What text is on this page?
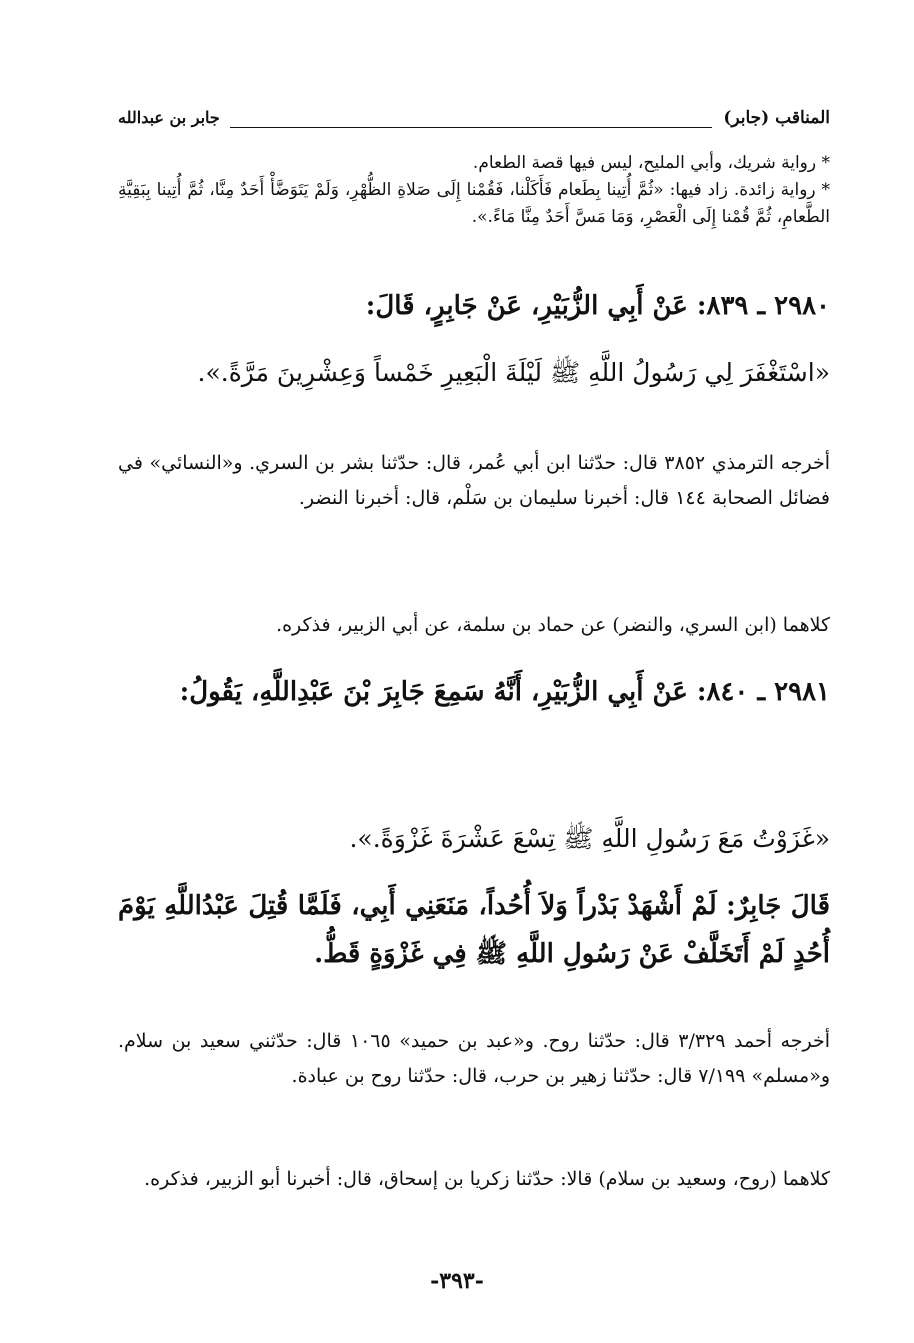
المناقب (جابر)
جابر بن عبدالله
* رواية شريك، وأبي المليح، ليس فيها قصة الطعام.
* رواية زائدة. زاد فيها: «ثُمَّ أُتِينا بِطَعام فَأَكَلْنا، فَقُمْنا إِلَى صَلاةِ الظُّهْرِ، وَلَمْ يَتَوَضَّأْ أَحَدٌ مِنَّا، ثُمَّ أُتِينا بِبَقِيَّةِ الطَّعامِ، ثُمَّ قُمْنا إِلَى الْعَصْرِ، وَمَا مَسَّ أَحَدٌ مِنَّا مَاءً.».
٢٩٨٠ ـ ٨٣٩: عَنْ أَبِي الزُّبَيْرِ، عَنْ جَابِرٍ، قَالَ:
«اسْتَغْفَرَ لِي رَسُولُ اللَّهِ ﷺ لَيْلَةَ الْبَعِيرِ خَمْساً وَعِشْرِينَ مَرَّةً.».
أخرجه الترمذي ٣٨٥٢ قال: حدّثنا ابن أبي عُمر، قال: حدّثنا بشر بن السري. و«النسائي» في فضائل الصحابة ١٤٤ قال: أخبرنا سليمان بن سَلْم، قال: أخبرنا النضر.
كلاهما (ابن السري، والنضر) عن حماد بن سلمة، عن أبي الزبير، فذكره.
٢٩٨١ ـ ٨٤٠: عَنْ أَبِي الزُّبَيْرِ، أَنَّهُ سَمِعَ جَابِرَ بْنَ عَبْدِاللَّهِ، يَقُولُ:
«غَزَوْتُ مَعَ رَسُولِ اللَّهِ ﷺ تِسْعَ عَشْرَةَ غَزْوَةً.».
قَالَ جَابِرٌ: لَمْ أَشْهَدْ بَدْراً وَلاَ أُحُداً، مَنَعَنِي أَبِي، فَلَمَّا قُتِلَ عَبْدُاللَّهِ يَوْمَ أُحُدٍ لَمْ أَتَخَلَّفْ عَنْ رَسُولِ اللَّهِ ﷺ فِي غَزْوَةٍ قَطُّ.
أخرجه أحمد ٣/٣٢٩ قال: حدّثنا روح. و«عبد بن حميد» ١٠٦٥ قال: حدّثني سعيد بن سلام. و«مسلم» ٧/١٩٩ قال: حدّثنا زهير بن حرب، قال: حدّثنا روح بن عبادة.
كلاهما (روح، وسعيد بن سلام) قالا: حدّثنا زكريا بن إسحاق، قال: أخبرنا أبو الزبير، فذكره.
-٣٩٣-
